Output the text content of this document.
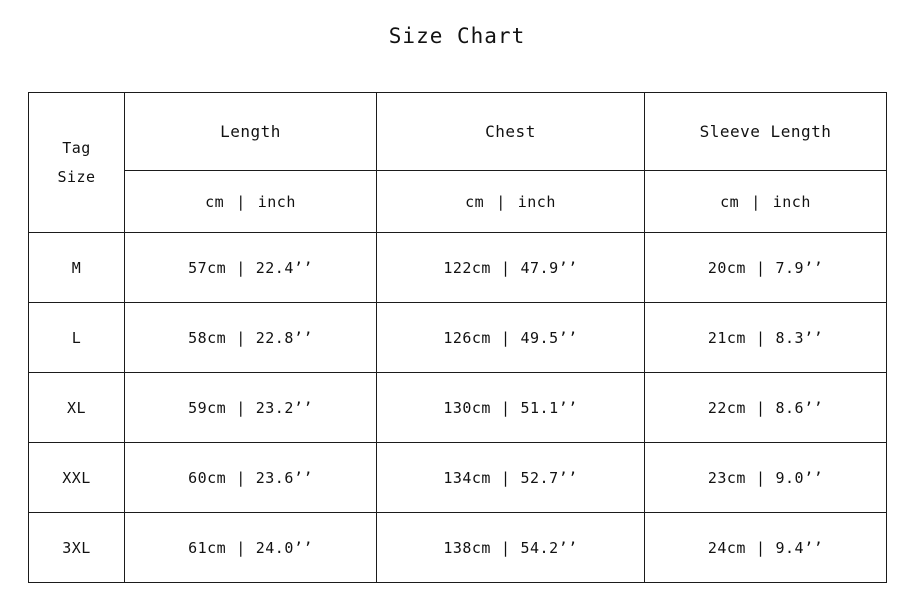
Size Chart
Tag
Size	Length	Chest	Sleeve Length
	cm | inch	cm | inch	cm | inch
M	57cm | 22.4’’	122cm | 47.9’’	20cm | 7.9’’
L	58cm | 22.8’’	126cm | 49.5’’	21cm | 8.3’’
XL	59cm | 23.2’’	130cm | 51.1’’	22cm | 8.6’’
XXL	60cm | 23.6’’	134cm | 52.7’’	23cm | 9.0’’
3XL	61cm | 24.0’’	138cm | 54.2’’	24cm | 9.4’’
